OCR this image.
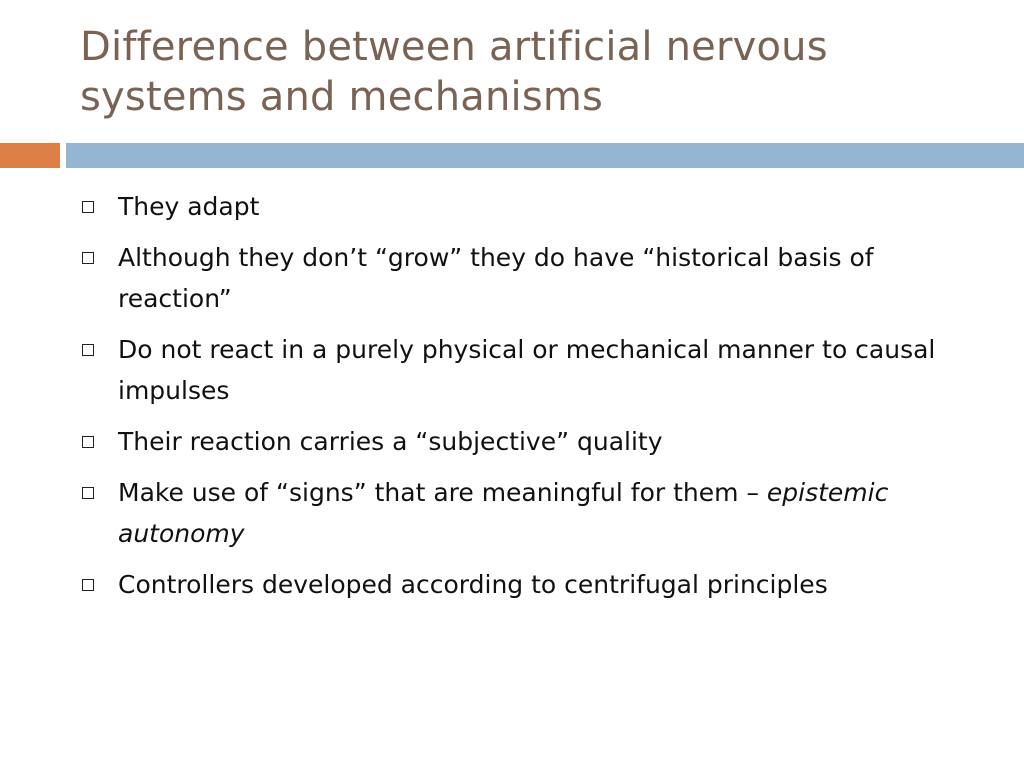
Difference between artificial nervous systems and mechanisms
They adapt
Although they don’t “grow” they do have “historical basis of reaction”
Do not react in a purely physical or mechanical manner to causal impulses
Their reaction carries a “subjective” quality
Make use of “signs” that are meaningful for them – epistemic autonomy
Controllers developed according to centrifugal principles
